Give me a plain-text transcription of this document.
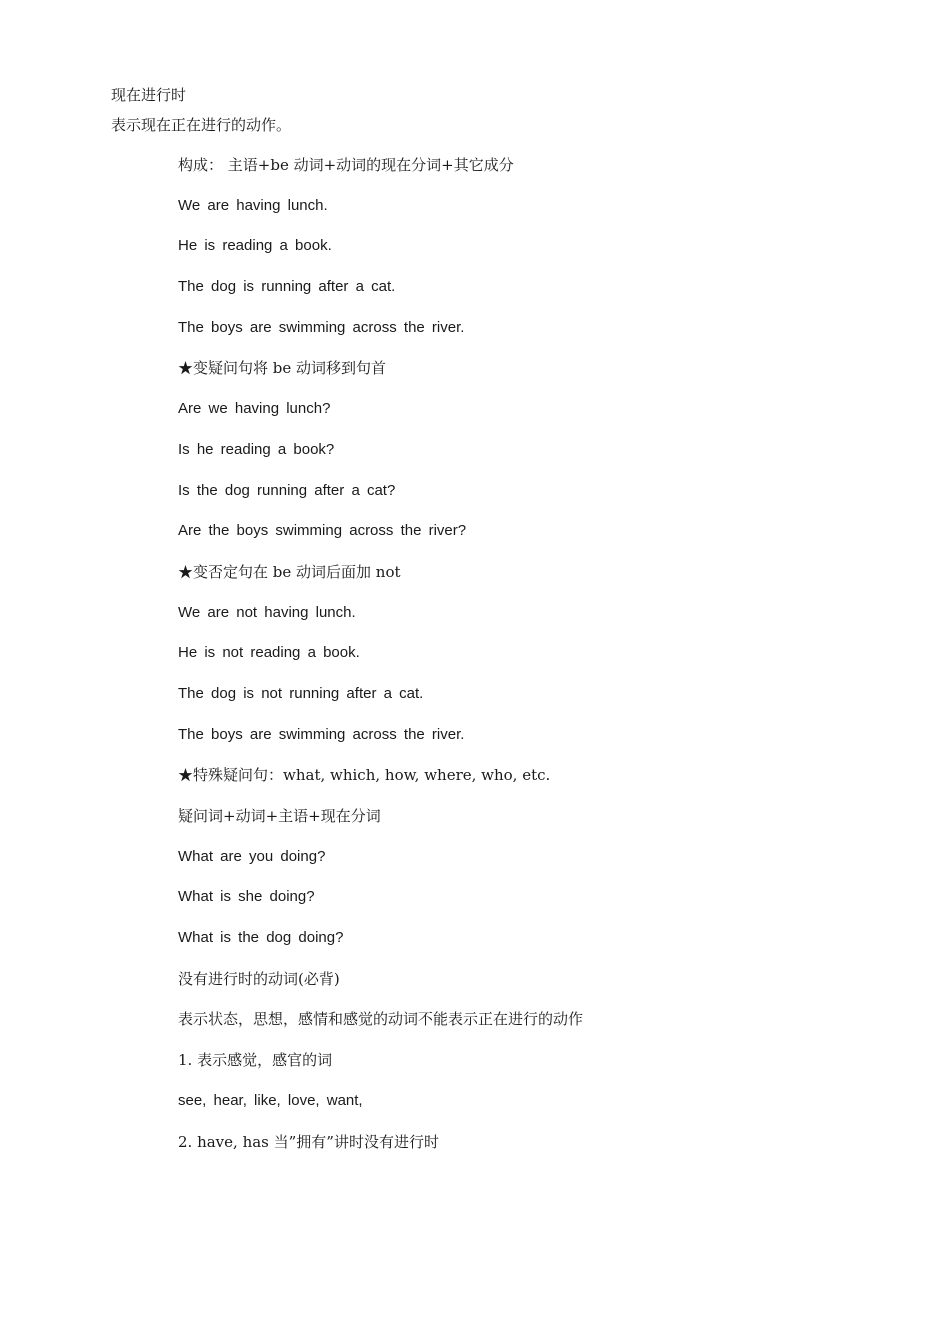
现在进行时
表示现在正在进行的动作。
构成： 主语+be 动词+动词的现在分词+其它成分
We are having lunch.
He is reading a book.
The dog is running after a cat.
The boys are swimming across the river.
★变疑问句将 be 动词移到句首
Are we having lunch?
Is he reading a book?
Is the dog running after a cat?
Are the boys swimming across the river?
★变否定句在 be 动词后面加 not
We are not having lunch.
He is not reading a book.
The dog is not running after a cat.
The boys are swimming across the river.
★特殊疑问句：what, which, how, where, who, etc.
疑问词+动词+主语+现在分词
What are you doing?
What is she doing?
What is the dog doing?
没有进行时的动词(必背)
表示状态，思想，感情和感觉的动词不能表示正在进行的动作
1. 表示感觉，感官的词
see, hear, like, love, want,
2. have, has 当”拥有”讲时没有进行时
